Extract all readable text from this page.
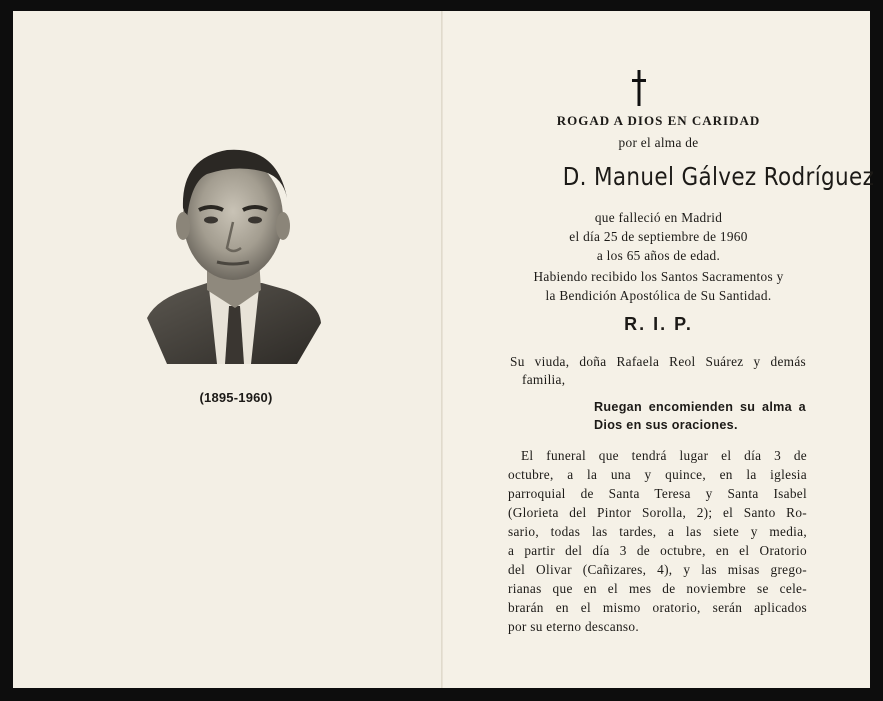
(1895-1960)
ROGAD A DIOS EN CARIDAD
por el alma de
D. Manuel Gálvez Rodríguez
que falleció en Madrid
el día 25 de septiembre de 1960
a los 65 años de edad.
Habiendo recibido los Santos Sacramentos y
la Bendición Apostólica de Su Santidad.
R. I. P.
Su viuda, doña Rafaela Reol Suárez y demás
familia,
Ruegan encomienden su alma a
Dios en sus oraciones.
El funeral que tendrá lugar el día 3 de
octubre, a la una y quince, en la iglesia
parroquial de Santa Teresa y Santa Isabel
(Glorieta del Pintor Sorolla, 2); el Santo Ro-
sario, todas las tardes, a las siete y media,
a partir del día 3 de octubre, en el Oratorio
del Olivar (Cañizares, 4), y las misas grego-
rianas que en el mes de noviembre se cele-
brarán en el mismo oratorio, serán aplicados
por su eterno descanso.
